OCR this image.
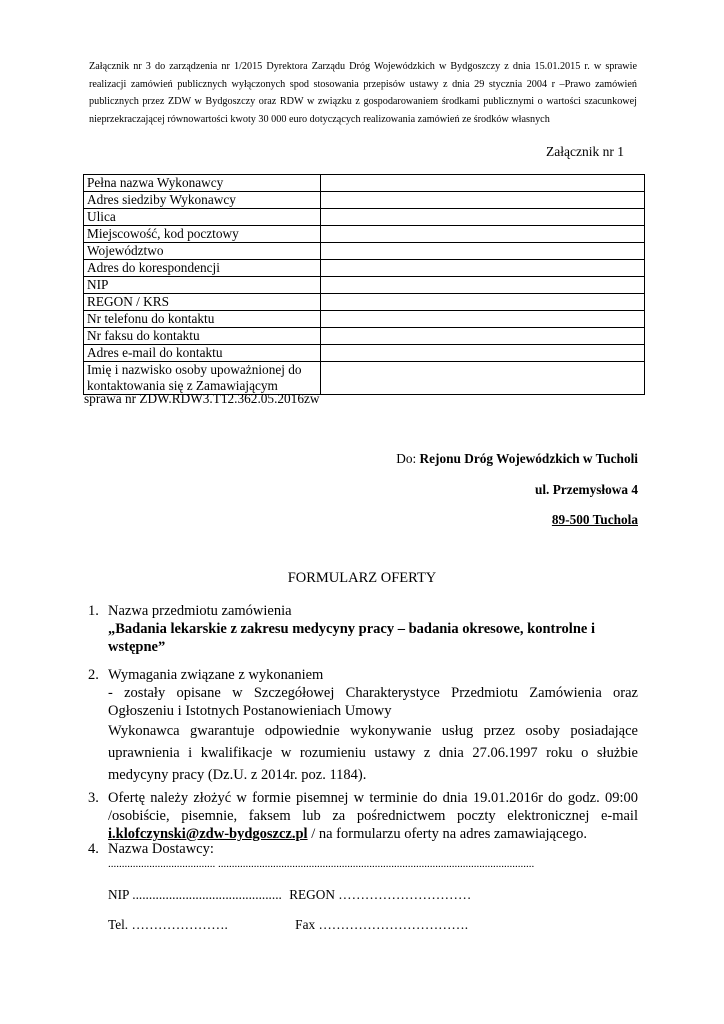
Załącznik nr 3 do zarządzenia nr 1/2015 Dyrektora Zarządu Dróg Wojewódzkich w Bydgoszczy z dnia 15.01.2015 r. w sprawie realizacji zamówień publicznych wyłączonych spod stosowania przepisów ustawy z dnia 29 stycznia 2004 r –Prawo zamówień publicznych przez ZDW w Bydgoszczy oraz RDW w związku z gospodarowaniem środkami publicznymi o wartości szacunkowej nieprzekraczającej równowartości kwoty 30 000 euro dotyczących realizowania zamówień ze środków własnych
Załącznik nr 1
Pełna nazwa Wykonawcy	
Adres siedziby Wykonawcy	
Ulica	
Miejscowość, kod pocztowy	
Województwo	
Adres do korespondencji	
NIP	
REGON / KRS	
Nr telefonu do kontaktu	
Nr faksu do kontaktu	
Adres e-mail do kontaktu	
Imię i nazwisko osoby upoważnionej do kontaktowania się z Zamawiającym	
sprawa nr ZDW.RDW3.T12.362.05.2016zw
Do: Rejonu Dróg Wojewódzkich w Tucholi
ul. Przemysłowa 4
89-500 Tuchola
FORMULARZ OFERTY
1. Nazwa przedmiotu zamówienia
„Badania lekarskie z zakresu medycyny pracy – badania okresowe, kontrolne i wstępne”
2. Wymagania związane z wykonaniem
- zostały opisane w Szczegółowej Charakterystyce Przedmiotu Zamówienia oraz Ogłoszeniu i Istotnych Postanowieniach Umowy
Wykonawca gwarantuje odpowiednie wykonywanie usług przez osoby posiadające uprawnienia i kwalifikacje w rozumieniu ustawy z dnia 27.06.1997 roku o służbie medycyny pracy (Dz.U. z 2014r. poz. 1184).
3. Ofertę należy złożyć w formie pisemnej w terminie do dnia 19.01.2016r do godz. 09:00 /osobiście, pisemnie, faksem lub za pośrednictwem poczty elektronicznej e-mail i.klofczynski@zdw-bydgoszcz.pl / na formularzu oferty na adres zamawiającego.
4. Nazwa Dostawcy:
....................................... ...................................................................................................................
NIP ............................................. REGON …………………………
Tel. ………………….	Fax …………………………….
